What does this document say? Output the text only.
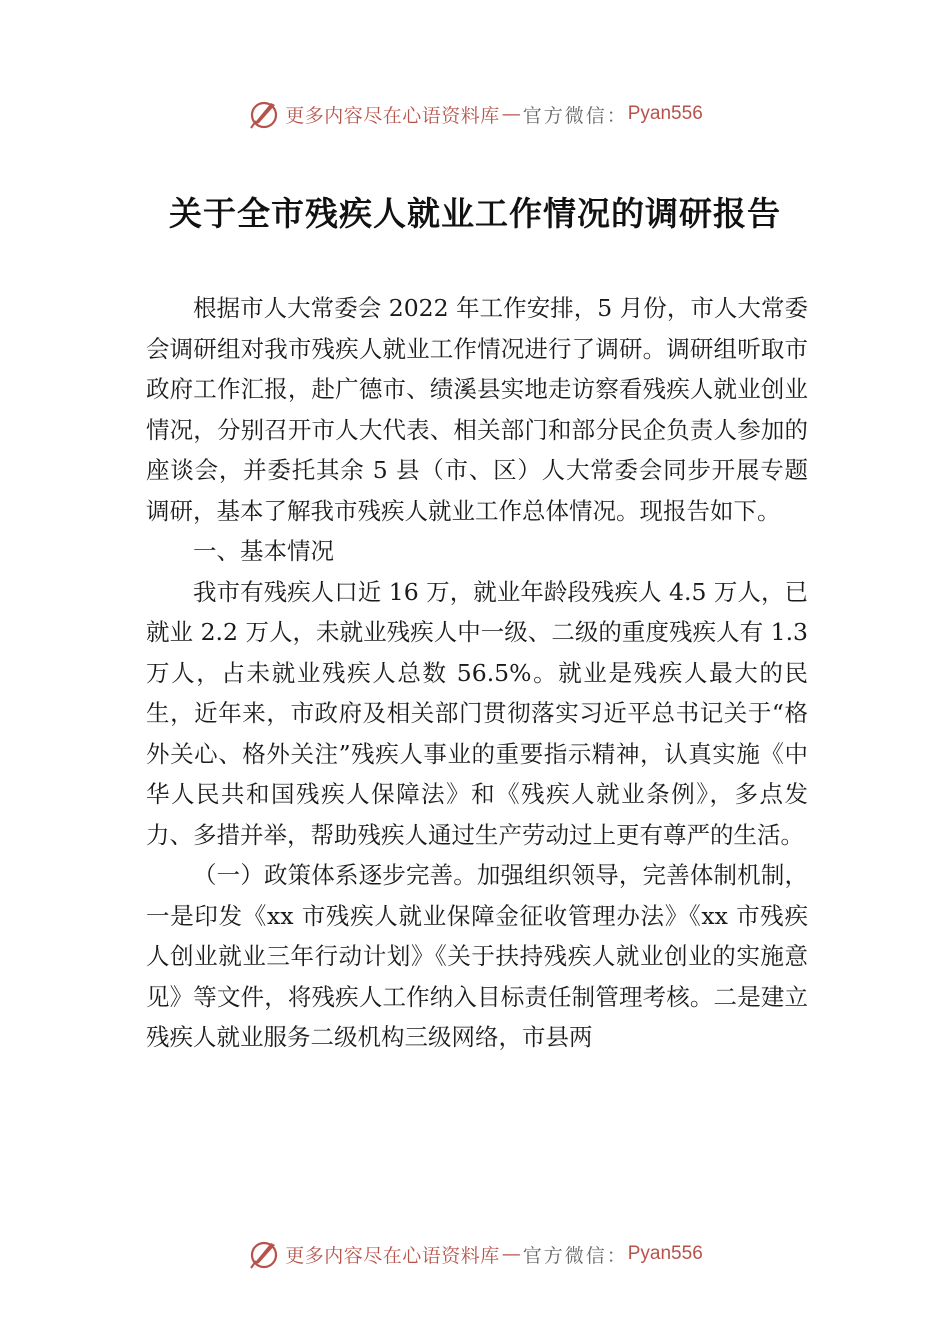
更多内容尽在心语资料库 — 官方微信： Pyan556
关于全市残疾人就业工作情况的调研报告

根据市人大常委会 2022 年工作安排，5 月份，市人大常委会调研组对我市残疾人就业工作情况进行了调研。调研组听取市政府工作汇报，赴广德市、绩溪县实地走访察看残疾人就业创业情况，分别召开市人大代表、相关部门和部分民企负责人参加的座谈会，并委托其余 5 县（市、区）人大常委会同步开展专题调研，基本了解我市残疾人就业工作总体情况。现报告如下。

一、基本情况

我市有残疾人口近 16 万，就业年龄段残疾人 4.5 万人，已就业 2.2 万人，未就业残疾人中一级、二级的重度残疾人有 1.3 万人，占未就业残疾人总数 56.5%。就业是残疾人最大的民生，近年来，市政府及相关部门贯彻落实习近平总书记关于“格外关心、格外关注”残疾人事业的重要指示精神，认真实施《中华人民共和国残疾人保障法》和《残疾人就业条例》，多点发力、多措并举，帮助残疾人通过生产劳动过上更有尊严的生活。

（一）政策体系逐步完善。加强组织领导，完善体制机制，一是印发《xx 市残疾人就业保障金征收管理办法》《xx 市残疾人创业就业三年行动计划》《关于扶持残疾人就业创业的实施意见》等文件，将残疾人工作纳入目标责任制管理考核。二是建立残疾人就业服务二级机构三级网络，市县两

更多内容尽在心语资料库 — 官方微信： Pyan556
